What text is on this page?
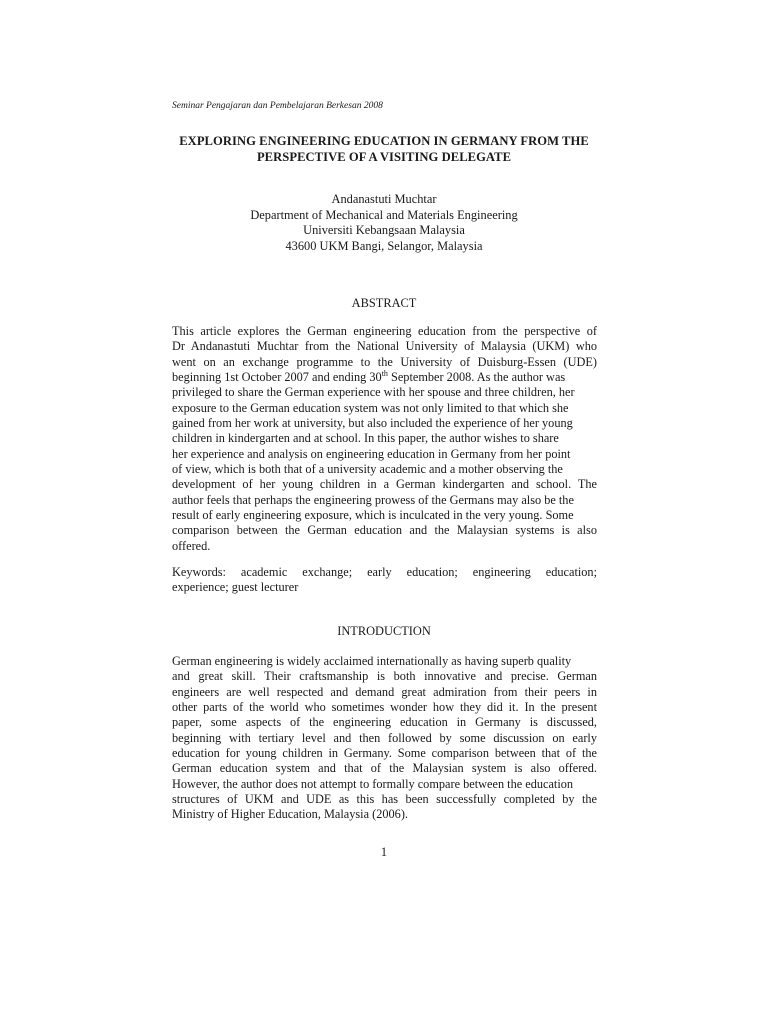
Seminar Pengajaran dan Pembelajaran Berkesan 2008
EXPLORING ENGINEERING EDUCATION IN GERMANY FROM THE
PERSPECTIVE OF A VISITING DELEGATE
Andanastuti Muchtar
Department of Mechanical and Materials Engineering
Universiti Kebangsaan Malaysia
43600 UKM Bangi, Selangor, Malaysia
ABSTRACT
This article explores the German engineering education from the perspective of
Dr Andanastuti Muchtar from the National University of Malaysia (UKM) who
went on an exchange programme to the University of Duisburg-Essen (UDE)
beginning 1st October 2007 and ending 30th September 2008. As the author was
privileged to share the German experience with her spouse and three children, her
exposure to the German education system was not only limited to that which she
gained from her work at university, but also included the experience of her young
children in kindergarten and at school. In this paper, the author wishes to share
her experience and analysis on engineering education in Germany from her point
of view, which is both that of a university academic and a mother observing the
development of her young children in a German kindergarten and school. The
author feels that perhaps the engineering prowess of the Germans may also be the
result of early engineering exposure, which is inculcated in the very young. Some
comparison between the German education and the Malaysian systems is also
offered.
Keywords: academic exchange; early education; engineering education;
experience; guest lecturer
INTRODUCTION
German engineering is widely acclaimed internationally as having superb quality
and great skill. Their craftsmanship is both innovative and precise. German
engineers are well respected and demand great admiration from their peers in
other parts of the world who sometimes wonder how they did it. In the present
paper, some aspects of the engineering education in Germany is discussed,
beginning with tertiary level and then followed by some discussion on early
education for young children in Germany. Some comparison between that of the
German education system and that of the Malaysian system is also offered.
However, the author does not attempt to formally compare between the education
structures of UKM and UDE as this has been successfully completed by the
Ministry of Higher Education, Malaysia (2006).
1
